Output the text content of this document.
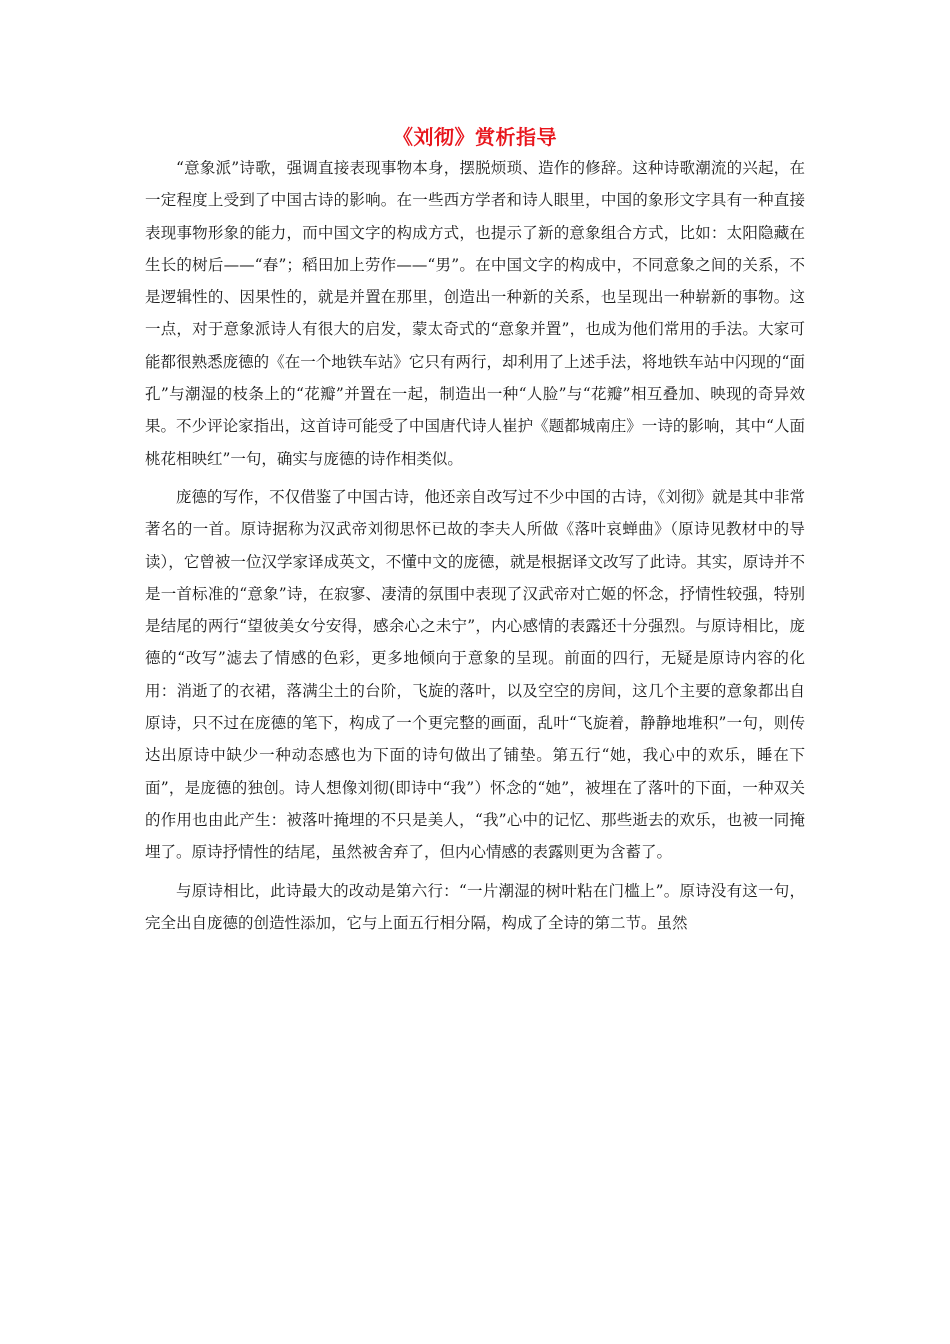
《刘彻》赏析指导

“意象派”诗歌，强调直接表现事物本身，摆脱烦琐、造作的修辞。这种诗歌潮流的兴起，在一定程度上受到了中国古诗的影响。在一些西方学者和诗人眼里，中国的象形文字具有一种直接表现事物形象的能力，而中国文字的构成方式，也提示了新的意象组合方式，比如：太阳隐藏在生长的树后——“春”；稻田加上劳作——“男”。在中国文字的构成中，不同意象之间的关系，不是逻辑性的、因果性的，就是并置在那里，创造出一种新的关系，也呈现出一种崭新的事物。这一点，对于意象派诗人有很大的启发，蒙太奇式的“意象并置”，也成为他们常用的手法。大家可能都很熟悉庞德的《在一个地铁车站》它只有两行，却利用了上述手法，将地铁车站中闪现的“面孔”与潮湿的枝条上的“花瓣”并置在一起，制造出一种“人脸”与“花瓣”相互叠加、映现的奇异效果。不少评论家指出，这首诗可能受了中国唐代诗人崔护《题都城南庄》一诗的影响，其中“人面桃花相映红”一句，确实与庞德的诗作相类似。

庞德的写作，不仅借鉴了中国古诗，他还亲自改写过不少中国的古诗，《刘彻》就是其中非常著名的一首。原诗据称为汉武帝刘彻思怀已故的李夫人所做《落叶哀蝉曲》（原诗见教材中的导读），它曾被一位汉学家译成英文，不懂中文的庞德，就是根据译文改写了此诗。其实，原诗并不是一首标准的“意象”诗，在寂寥、凄清的氛围中表现了汉武帝对亡姬的怀念，抒情性较强，特别是结尾的两行“望彼美女兮安得，感余心之未宁”，内心感情的表露还十分强烈。与原诗相比，庞德的“改写”滤去了情感的色彩，更多地倾向于意象的呈现。前面的四行，无疑是原诗内容的化用：消逝了的衣裙，落满尘土的台阶，飞旋的落叶，以及空空的房间，这几个主要的意象都出自原诗，只不过在庞德的笔下，构成了一个更完整的画面，乱叶“飞旋着，静静地堆积”一句，则传达出原诗中缺少一种动态感也为下面的诗句做出了铺垫。第五行“她，我心中的欢乐，睡在下面”，是庞德的独创。诗人想像刘彻(即诗中“我”）怀念的“她”，被埋在了落叶的下面，一种双关的作用也由此产生：被落叶掩埋的不只是美人，“我”心中的记忆、那些逝去的欢乐，也被一同掩埋了。原诗抒情性的结尾，虽然被舍弃了，但内心情感的表露则更为含蓄了。

与原诗相比，此诗最大的改动是第六行：“一片潮湿的树叶粘在门槛上”。原诗没有这一句，完全出自庞德的创造性添加，它与上面五行相分隔，构成了全诗的第二节。虽然
